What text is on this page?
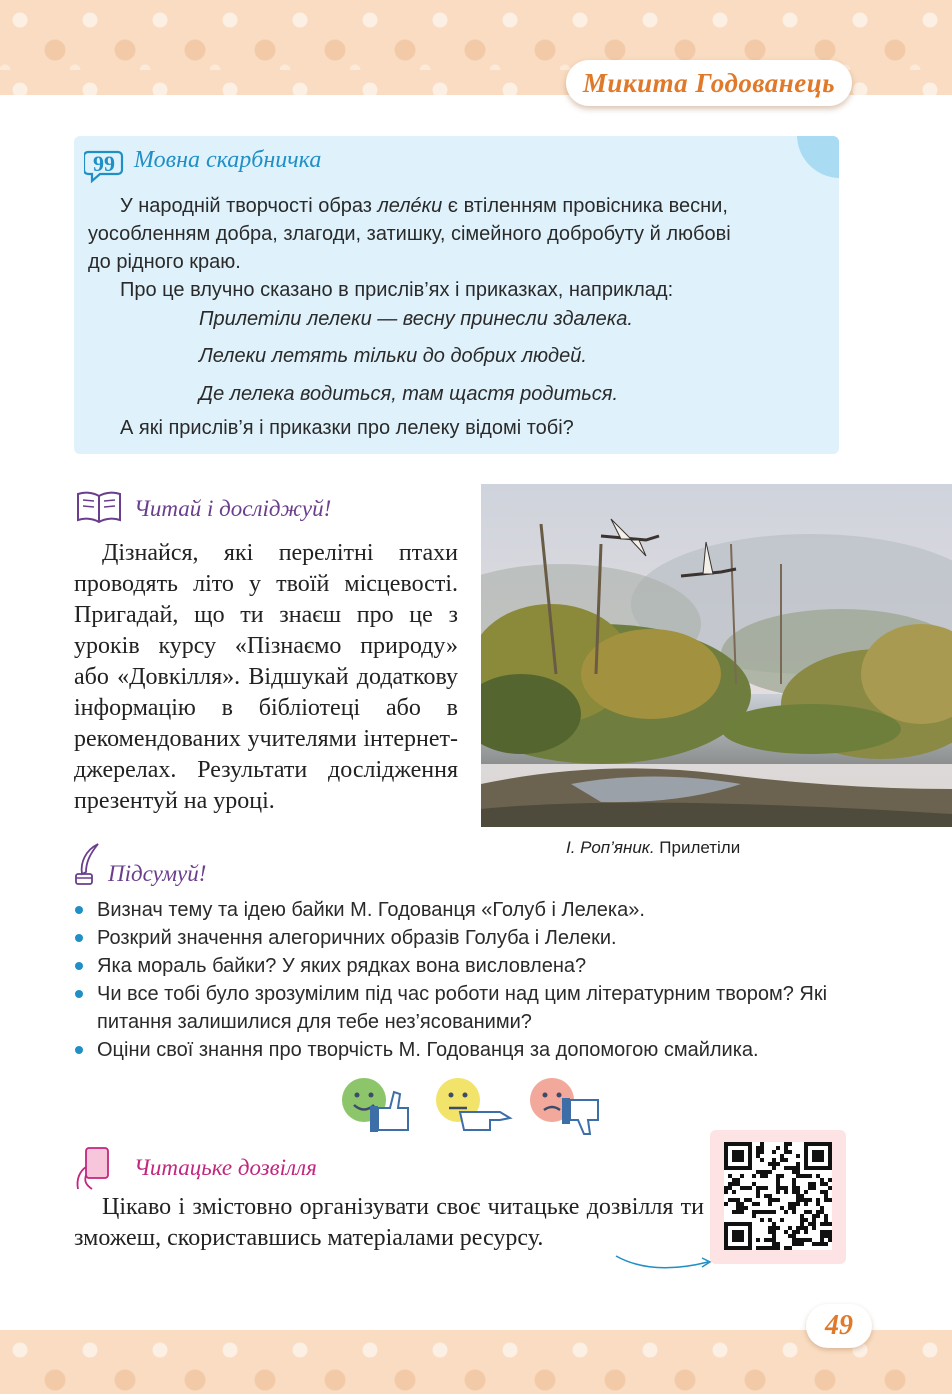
Микита Годованець
99 Мовна скарбничка
У народній творчості образ лелéки є втіленням провісника весни,
уособленням добра, злагоди, затишку, сімейного добробуту й любові
до рідного краю.
Про це влучно сказано в прислів’ях і приказках, наприклад:
Прилетіли лелеки — весну принесли здалека.
Лелеки летять тільки до добрих людей.
Де лелека водиться, там щастя родиться.
А які прислів’я і приказки про лелеку відомі тобі?
Читай і досліджуй!
Дізнайся, які перелітні птахи проводять літо у твоїй місцевості. Пригадай, що ти знаєш про це з уроків курсу «Пізнаємо природу» або «Довкілля». Відшукай додаткову інформацію в бібліотеці або в рекомендованих учителями інтернет-джерелах. Результати дослідження презентуй на уроці.
І. Роп’яник. Прилетіли
Підсумуй!
Визнач тему та ідею байки М. Годованця «Голуб і Лелека».
Розкрий значення алегоричних образів Голуба і Лелеки.
Яка мораль байки? У яких рядках вона висловлена?
Чи все тобі було зрозумілим під час роботи над цим літературним твором? Які питання залишилися для тебе нез’ясованими?
Оціни свої знання про творчість М. Годованця за допомогою смайлика.
Читацьке дозвілля
Цікаво і змістовно організувати своє читацьке дозвілля ти зможеш, скориставшись матеріалами ресурсу.
49
